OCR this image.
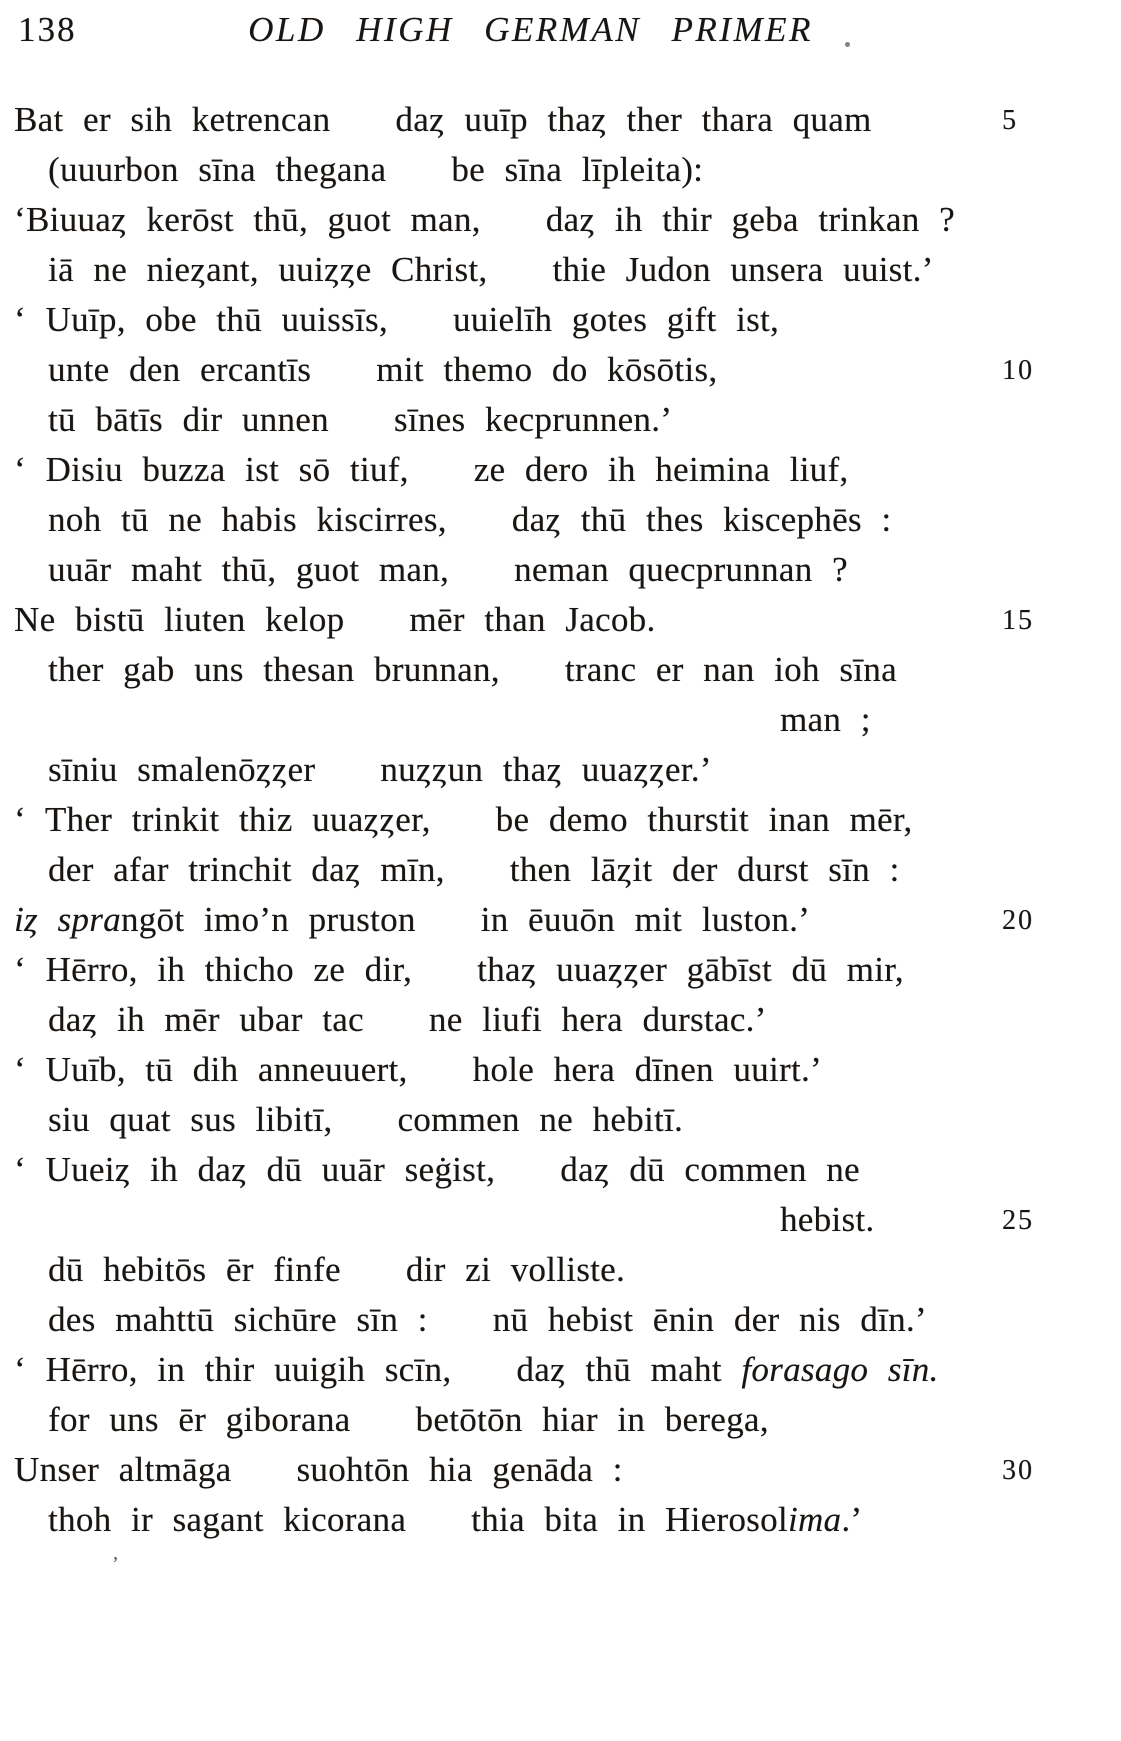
138	OLD HIGH GERMAN PRIMER
Bat er sih ketrencan daȥ uuīp thaȥ ther thara quam	5
(uuurbon sīna thegana be sīna līpleita):
‘Biuuaȥ kerōst thū, guot man, daȥ ih thir geba trinkan ?
iā ne nieȥant, uuiȥȥe Christ, thie Judon unsera uuist.’
‘ Uuīp, obe thū uuissīs, uuielīh gotes gift ist,
unte den ercantīs mit themo do kōsōtis,	10
tū bātīs dir unnen sīnes kecprunnen.’
‘ Disiu buzza ist sō tiuf, ze dero ih heimina liuf,
noh tū ne habis kiscirres, daȥ thū thes kiscephēs :
uuār maht thū, guot man, neman quecprunnan ?
Ne bistū liuten kelop mēr than Jacob.	15
ther gab uns thesan brunnan, tranc er nan ioh sīna
man ;
sīniu smalenōȥȥer nuȥȥun thaȥ uuaȥȥer.’
‘ Ther trinkit thiz uuaȥȥer, be demo thurstit inan mēr,
der afar trinchit daȥ mīn, then lāȥit der durst sīn :
iȥ sprangōt imo’n pruston in ēuuōn mit luston.’	20
‘ Hērro, ih thicho ze dir, thaȥ uuaȥȥer gābīst dū mir,
daȥ ih mēr ubar tac ne liufi hera durstac.’
‘ Uuīb, tū dih anneuuert, hole hera dīnen uuirt.’
siu quat sus libitī, commen ne hebitī.
‘ Uueiȥ ih daȥ dū uuār seġist, daȥ dū commen ne
hebist.	25
dū hebitōs ēr finfe dir zi volliste.
des mahttū sichūre sīn : nū hebist ēnin der nis dīn.’
‘ Hērro, in thir uuigih scīn, daȥ thū maht forasago sīn.
for uns ēr giborana betōtōn hiar in berega,
Unser altmāga suohtōn hia genāda :	30
thoh ir sagant kicorana thia bita in Hierosolima.’
‚
